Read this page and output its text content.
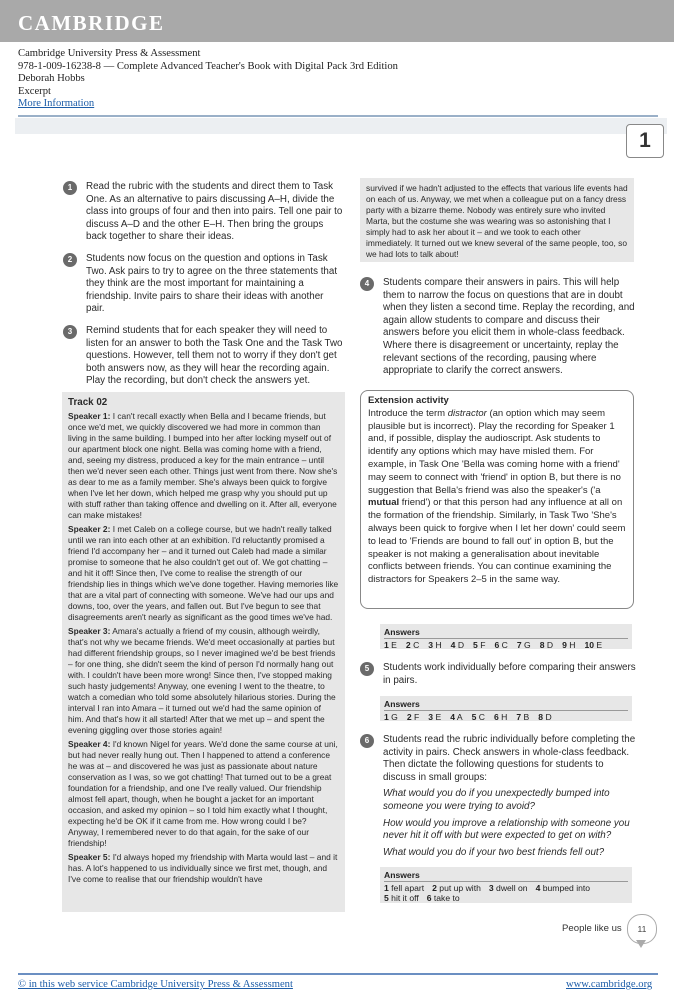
CAMBRIDGE
Cambridge University Press & Assessment
978-1-009-16238-8 — Complete Advanced Teacher's Book with Digital Pack 3rd Edition
Deborah Hobbs
Excerpt
More Information
1
1	Read the rubric with the students and direct them to Task One. As an alternative to pairs discussing A–H, divide the class into groups of four and then into pairs. Tell one pair to discuss A–D and the other E–H. Then bring the groups back together to share their ideas.
2	Students now focus on the question and options in Task Two. Ask pairs to try to agree on the three statements that they think are the most important for maintaining a friendship. Invite pairs to share their ideas with another pair.
3	Remind students that for each speaker they will need to listen for an answer to both the Task One and the Task Two questions. However, tell them not to worry if they don't get both answers now, as they will hear the recording again. Play the recording, but don't check the answers yet.
Track 02

Speaker 1: I can't recall exactly when Bella and I became friends, but once we'd met, we quickly discovered we had more in common than living in the same building. I bumped into her after locking myself out of our apartment block one night. Bella was coming home with a friend, and, seeing my distress, produced a key for the main entrance – until then we'd never seen each other. Things just went from there. Now she's as dear to me as a family member. She's always been quick to forgive when I've let her down, which helped me grasp why you should put up with stuff rather than taking offence and dwelling on it. After all, everyone can make mistakes!

Speaker 2: I met Caleb on a college course, but we hadn't really talked until we ran into each other at an exhibition. I'd reluctantly promised a friend I'd accompany her – and it turned out Caleb had made a similar promise to someone that he also couldn't get out of. We got chatting – and hit it off! Since then, I've come to realise the strength of our friendship lies in things which we've done together. Having memories like that are a vital part of connecting with someone. We've had our ups and downs, too, over the years, and fallen out. But I've begun to see that disagreements aren't nearly as significant as the good times we've had.

Speaker 3: Amara's actually a friend of my cousin, although weirdly, that's not why we became friends. We'd meet occasionally at parties but had different friendship groups, so I never imagined we'd be best friends – for one thing, she didn't seem the kind of person I'd normally hang out with. I couldn't have been more wrong! Since then, I've stopped making such hasty judgements! Anyway, one evening I went to the theatre, to watch a comedian who told some absolutely hilarious stories. During the interval I ran into Amara – it turned out we'd had the same opinion of him. And that's how it all started! After that we met up – and spent the evening giggling over those stories again!

Speaker 4: I'd known Nigel for years. We'd done the same course at uni, but had never really hung out. Then I happened to attend a conference he was at – and discovered he was just as passionate about nature conservation as I was, so we got chatting! That turned out to be a great foundation for a friendship, and one I've really valued. Our friendship almost fell apart, though, when he bought a jacket for an important occasion, and asked my opinion – so I told him exactly what I thought, expecting he'd be OK if it came from me. How wrong could I be? Anyway, I remembered never to do that again, for the sake of our friendship!

Speaker 5: I'd always hoped my friendship with Marta would last – and it has. A lot's happened to us individually since we first met, though, and I've come to realise that our friendship wouldn't have

survived if we hadn't adjusted to the effects that various life events had on each of us. Anyway, we met when a colleague put on a fancy dress party with a bizarre theme. Nobody was entirely sure who invited Marta, but the costume she was wearing was so astonishing that I simply had to ask her about it – and we took to each other immediately. It turned out we knew several of the same people, too, so we had lots to talk about!
4	Students compare their answers in pairs. This will help them to narrow the focus on questions that are in doubt when they listen a second time. Replay the recording, and again allow students to compare and discuss their answers before you elicit them in whole-class feedback. Where there is disagreement or uncertainty, replay the relevant sections of the recording, pausing where appropriate to clarify the correct answers.
Extension activity
Introduce the term distractor (an option which may seem plausible but is incorrect). Play the recording for Speaker 1 and, if possible, display the audioscript. Ask students to identify any options which may have misled them. For example, in Task One 'Bella was coming home with a friend' may seem to connect with 'friend' in option B, but there is no suggestion that Bella's friend was also the speaker's ('a mutual friend') or that this person had any influence at all on the formation of the friendship. Similarly, in Task Two 'She's always been quick to forgive when I let her down' could seem to lead to 'Friends are bound to fall out' in option B, but the speaker is not making a generalisation about inevitable conflicts between friends. You can continue examining the distractors for Speakers 2–5 in the same way.
Answers
1 E 2 C 3 H 4 D 5 F 6 C 7 G 8 D 9 H 10 E
5	Students work individually before comparing their answers in pairs.
Answers
1 G 2 F 3 E 4 A 5 C 6 H 7 B 8 D
6	Students read the rubric individually before completing the activity in pairs. Check answers in whole-class feedback. Then dictate the following questions for students to discuss in small groups:
What would you do if you unexpectedly bumped into someone you were trying to avoid?
How would you improve a relationship with someone you never hit it off with but were expected to get on with?
What would you do if your two best friends fell out?
Answers
1 fell apart 2 put up with 3 dwell on 4 bumped into
5 hit it off 6 take to
People like us	11
© in this web service Cambridge University Press & Assessment	www.cambridge.org
